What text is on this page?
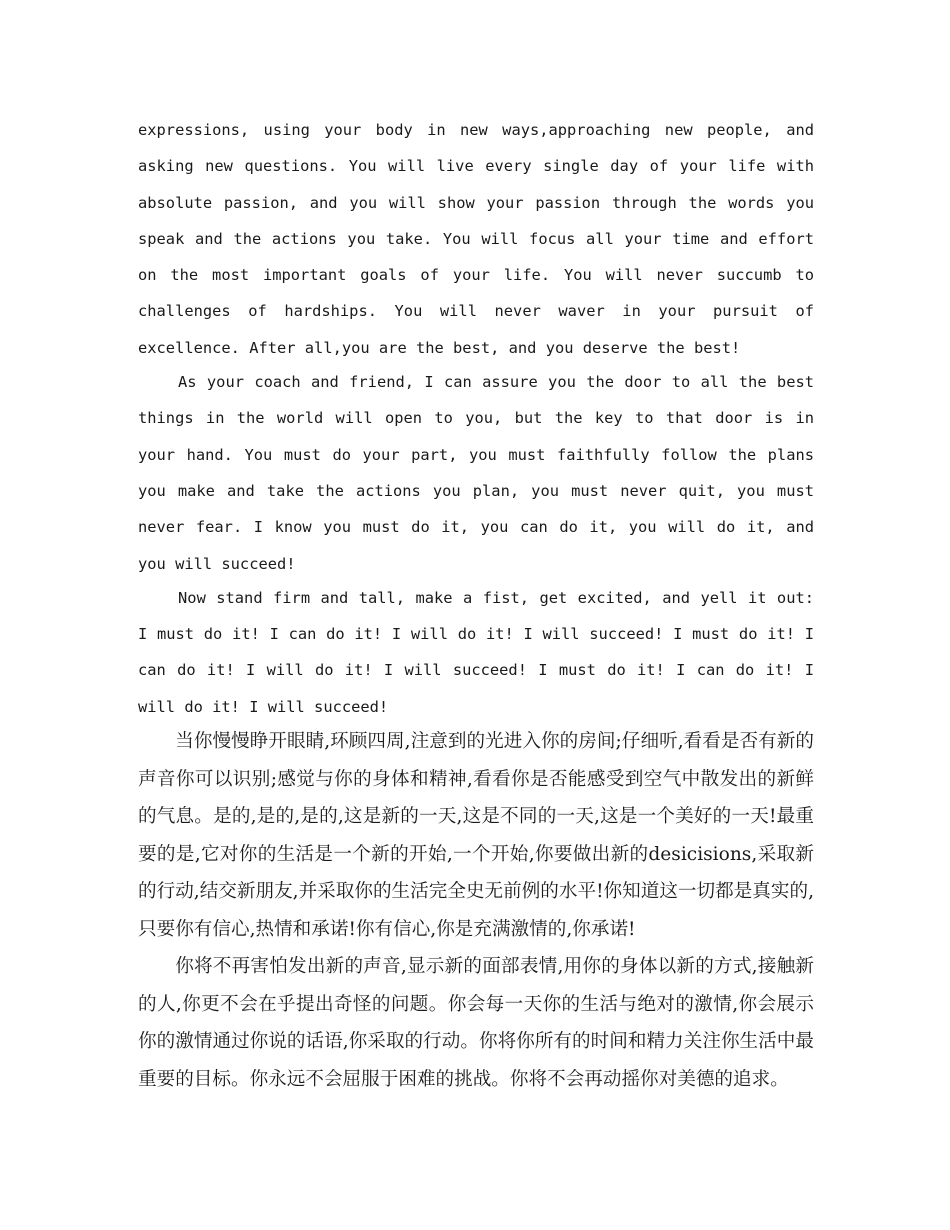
expressions, using your body in new ways,approaching new people, and asking new questions. You will live every single day of your life with absolute passion, and you will show your passion through the words you speak and the actions you take. You will focus all your time and effort on the most important goals of your life. You will never succumb to challenges of hardships. You will never waver in your pursuit of excellence. After all,you are the best, and you deserve the best!

As your coach and friend, I can assure you the door to all the best things in the world will open to you, but the key to that door is in your hand. You must do your part, you must faithfully follow the plans you make and take the actions you plan, you must never quit, you must never fear. I know you must do it, you can do it, you will do it, and you will succeed!

Now stand firm and tall, make a fist, get excited, and yell it out: I must do it! I can do it! I will do it! I will succeed! I must do it! I can do it! I will do it! I will succeed! I must do it! I can do it! I will do it! I will succeed!

当你慢慢睁开眼睛,环顾四周,注意到的光进入你的房间;仔细听,看看是否有新的声音你可以识别;感觉与你的身体和精神,看看你是否能感受到空气中散发出的新鲜的气息。是的,是的,是的,这是新的一天,这是不同的一天,这是一个美好的一天!最重要的是,它对你的生活是一个新的开始,一个开始,你要做出新的desicisions,采取新的行动,结交新朋友,并采取你的生活完全史无前例的水平!你知道这一切都是真实的,只要你有信心,热情和承诺!你有信心,你是充满激情的,你承诺!

你将不再害怕发出新的声音,显示新的面部表情,用你的身体以新的方式,接触新的人,你更不会在乎提出奇怪的问题。你会每一天你的生活与绝对的激情,你会展示你的激情通过你说的话语,你采取的行动。你将你所有的时间和精力关注你生活中最重要的目标。你永远不会屈服于困难的挑战。你将不会再动摇你对美德的追求。
